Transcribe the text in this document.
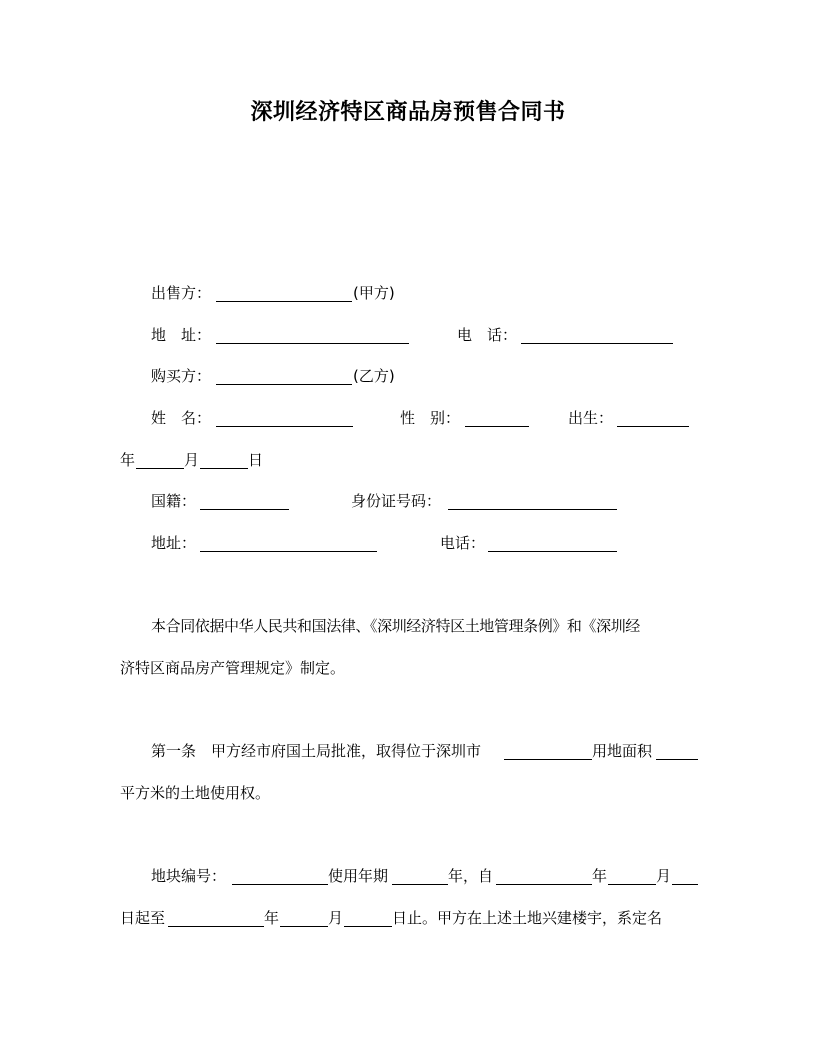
深圳经济特区商品房预售合同书
出售方：	(甲方)
地　址：	电　话：
购买方：	(乙方)
姓　名：	性　别：	出生：
年	月	日
国籍：	身份证号码：
地址：	电话：
本合同依据中华人民共和国法律、《深圳经济特区土地管理条例》和《深圳经
济特区商品房产管理规定》制定。
第一条　甲方经市府国土局批准，取得位于深圳市	用地面积
平方米的土地使用权。
地块编号：	使用年期	年，自	年	月
日起至	年	月	日止。甲方在上述土地兴建楼宇，系定名
